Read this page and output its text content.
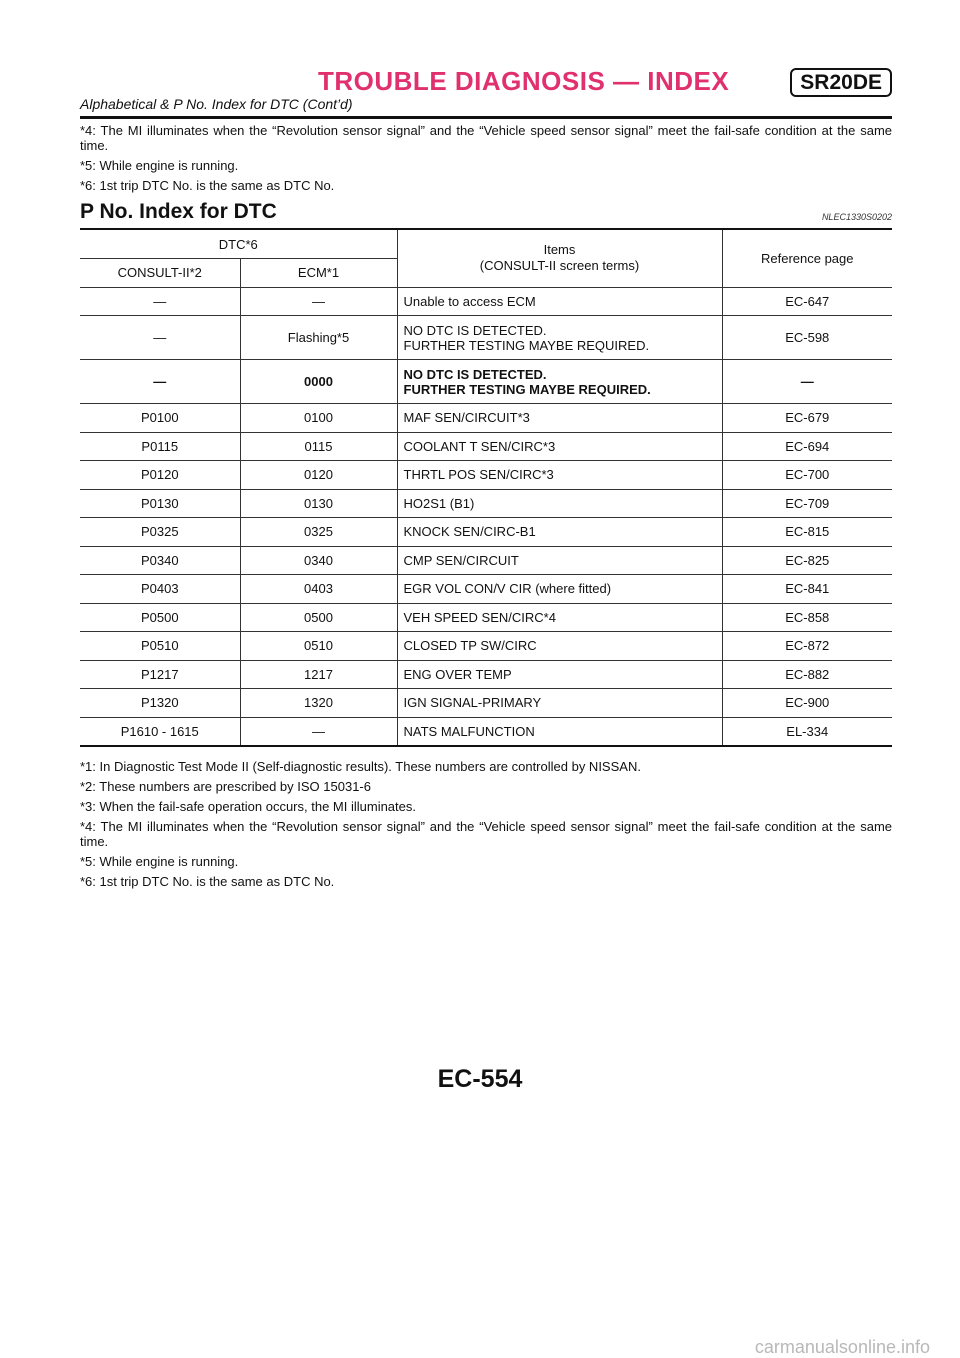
TROUBLE DIAGNOSIS — INDEX	SR20DE
Alphabetical & P No. Index for DTC (Cont’d)

*4: The MI illuminates when the “Revolution sensor signal” and the “Vehicle speed sensor signal” meet the fail-safe condition at the same time.

*5: While engine is running.

*6: 1st trip DTC No. is the same as DTC No.

P No. Index for DTC	NLEC1330S0202
DTC*6		Items
(CONSULT-II screen terms)	Reference page
CONSULT-II*2	ECM*1		
—	—	Unable to access ECM	EC-647
—	Flashing*5	NO DTC IS DETECTED.
FURTHER TESTING MAYBE REQUIRED.	EC-598
—	0000	NO DTC IS DETECTED.
FURTHER TESTING MAYBE REQUIRED.	—
P0100	0100	MAF SEN/CIRCUIT*3	EC-679
P0115	0115	COOLANT T SEN/CIRC*3	EC-694
P0120	0120	THRTL POS SEN/CIRC*3	EC-700
P0130	0130	HO2S1 (B1)	EC-709
P0325	0325	KNOCK SEN/CIRC-B1	EC-815
P0340	0340	CMP SEN/CIRCUIT	EC-825
P0403	0403	EGR VOL CON/V CIR (where fitted)	EC-841
P0500	0500	VEH SPEED SEN/CIRC*4	EC-858
P0510	0510	CLOSED TP SW/CIRC	EC-872
P1217	1217	ENG OVER TEMP	EC-882
P1320	1320	IGN SIGNAL-PRIMARY	EC-900
P1610 - 1615	—	NATS MALFUNCTION	EL-334

*1: In Diagnostic Test Mode II (Self-diagnostic results). These numbers are controlled by NISSAN.

*2: These numbers are prescribed by ISO 15031-6

*3: When the fail-safe operation occurs, the MI illuminates.

*4: The MI illuminates when the “Revolution sensor signal” and the “Vehicle speed sensor signal” meet the fail-safe condition at the same time.

*5: While engine is running.

*6: 1st trip DTC No. is the same as DTC No.

EC-554
carmanualsonline.info
